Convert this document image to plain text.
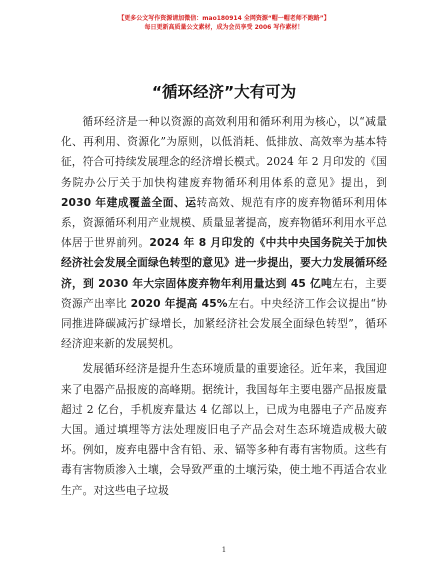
【更多公文写作资源请加微信：mao180914 全网资源“帽一帽老师不跑路”】
每日更新高质量公文素材，成为会员享受 2006 写作素材！
“循环经济”大有可为

循环经济是一种以资源的高效利用和循环利用为核心，以“减量化、再利用、资源化”为原则，以低消耗、低排放、高效率为基本特征，符合可持续发展理念的经济增长模式。2024 年 2 月印发的《国务院办公厅关于加快构建废弃物循环利用体系的意见》提出，到 2030 年建成覆盖全面、运转高效、规范有序的废弃物循环利用体系，资源循环利用产业规模、质量显著提高，废弃物循环利用水平总体居于世界前列。2024 年 8 月印发的《中共中央国务院关于加快经济社会发展全面绿色转型的意见》进一步提出，要大力发展循环经济，到 2030 年大宗固体废弃物年利用量达到 45 亿吨左右，主要资源产出率比 2020 年提高 45%左右。中央经济工作会议提出“协同推进降碳减污扩绿增长，加紧经济社会发展全面绿色转型”，循环经济迎来新的发展契机。

发展循环经济是提升生态环境质量的重要途径。近年来，我国迎来了电器产品报废的高峰期。据统计，我国每年主要电器产品报废量超过 2 亿台，手机废弃量达 4 亿部以上，已成为电器电子产品废弃大国。通过填埋等方法处理废旧电子产品会对生态环境造成极大破坏。例如，废弃电器中含有铅、汞、镉等多种有毒有害物质。这些有毒有害物质渗入土壤，会导致严重的土壤污染，使土地不再适合农业生产。对这些电子垃圾

1
